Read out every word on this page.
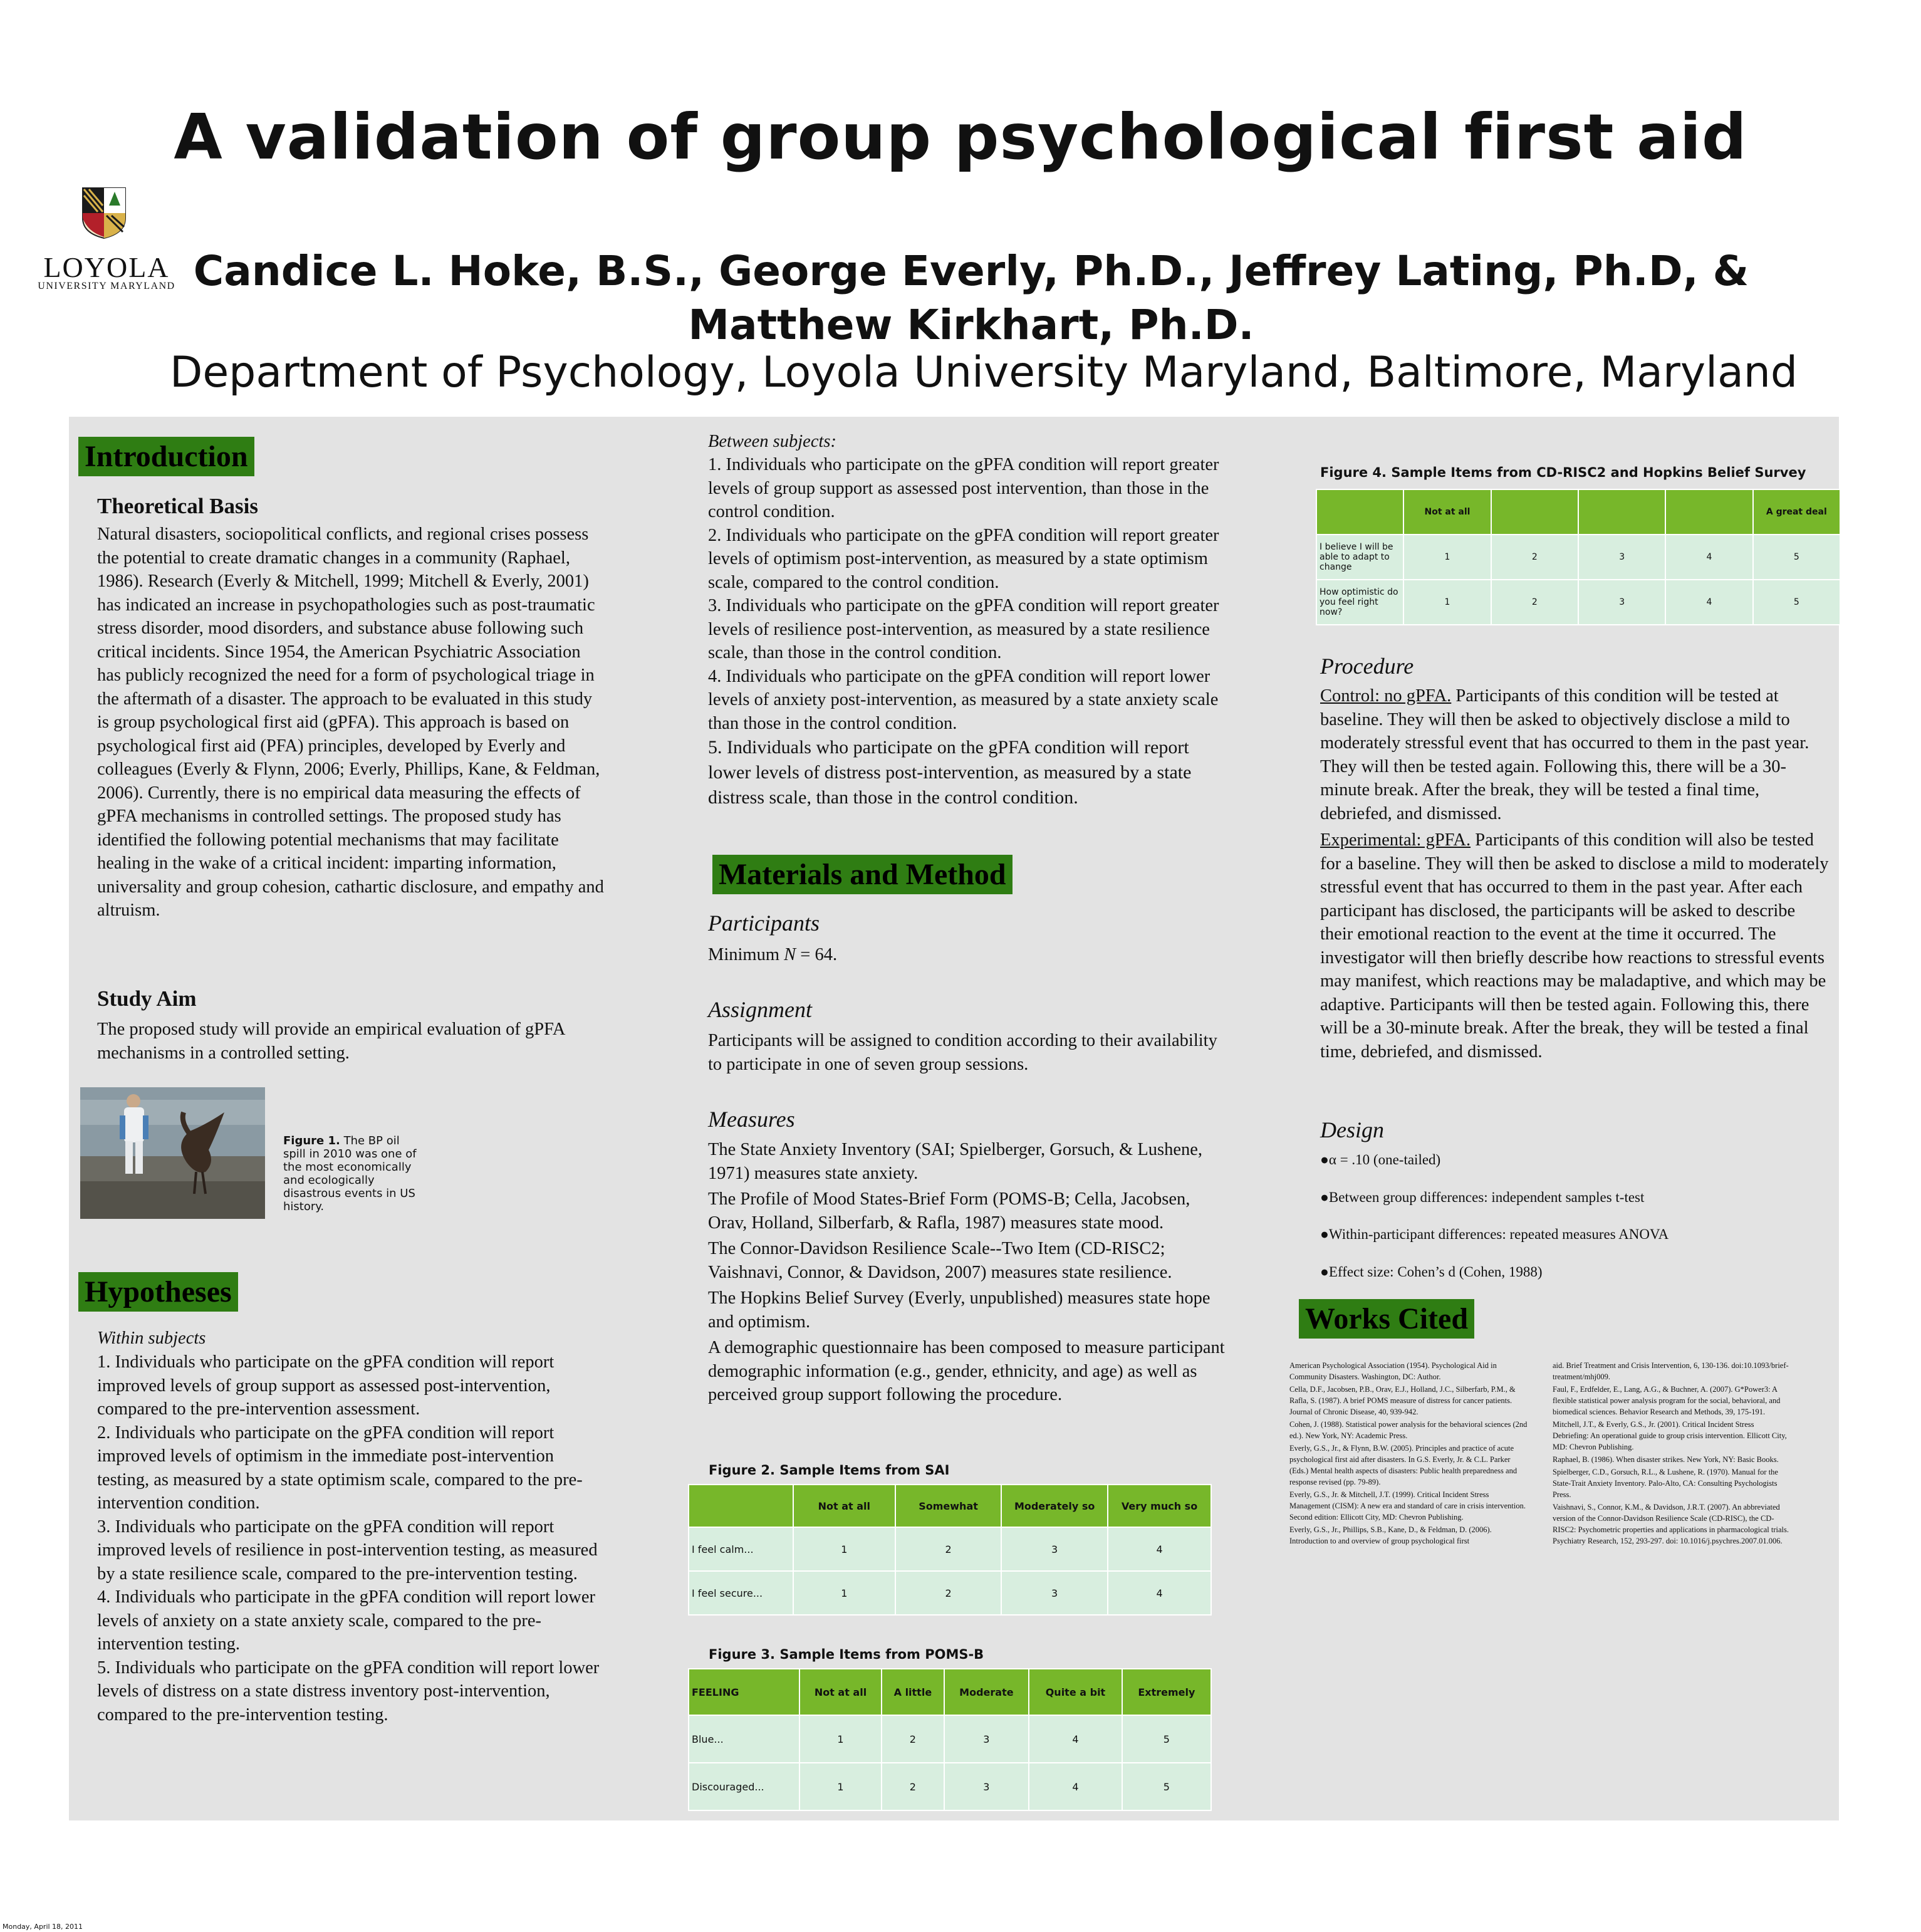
A validation of group psychological first aid
LOYOLA
UNIVERSITY MARYLAND Candice L. Hoke, B.S., George Everly, Ph.D., Jeffrey Lating, Ph.D, & Matthew Kirkhart, Ph.D.
Department of Psychology, Loyola University Maryland, Baltimore, Maryland
Introduction
Theoretical Basis
Natural disasters, sociopolitical conflicts, and regional crises possess the potential to create dramatic changes in a community (Raphael, 1986). Research (Everly & Mitchell, 1999; Mitchell & Everly, 2001) has indicated an increase in psychopathologies such as post-traumatic stress disorder, mood disorders, and substance abuse following such critical incidents. Since 1954, the American Psychiatric Association has publicly recognized the need for a form of psychological triage in the aftermath of a disaster. The approach to be evaluated in this study is group psychological first aid (gPFA). This approach is based on psychological first aid (PFA) principles, developed by Everly and colleagues (Everly & Flynn, 2006; Everly, Phillips, Kane, & Feldman, 2006). Currently, there is no empirical data measuring the effects of gPFA mechanisms in controlled settings. The proposed study has identified the following potential mechanisms that may facilitate healing in the wake of a critical incident: imparting information, universality and group cohesion, cathartic disclosure, and empathy and altruism.
Study Aim
The proposed study will provide an empirical evaluation of gPFA mechanisms in a controlled setting.
Figure 1. The BP oil spill in 2010 was one of the most economically and ecologically disastrous events in US history.
Hypotheses
Within subjects

1. Individuals who participate on the gPFA condition will report improved levels of group support as assessed post-intervention, compared to the pre-intervention assessment.

2. Individuals who participate on the gPFA condition will report improved levels of optimism in the immediate post-intervention testing, as measured by a state optimism scale, compared to the pre-intervention condition.

3. Individuals who participate on the gPFA condition will report improved levels of resilience in post-intervention testing, as measured by a state resilience scale, compared to the pre-intervention testing.

4. Individuals who participate in the gPFA condition will report lower levels of anxiety on a state anxiety scale, compared to the pre-intervention testing.

5. Individuals who participate on the gPFA condition will report lower levels of distress on a state distress inventory post-intervention, compared to the pre-intervention testing.

Between subjects:

1. Individuals who participate on the gPFA condition will report greater levels of group support as assessed post intervention, than those in the control condition.

2. Individuals who participate on the gPFA condition will report greater levels of optimism post-intervention, as measured by a state optimism scale, compared to the control condition.

3. Individuals who participate on the gPFA condition will report greater levels of resilience post-intervention, as measured by a state resilience scale, than those in the control condition.

4. Individuals who participate on the gPFA condition will report lower levels of anxiety post-intervention, as measured by a state anxiety scale than those in the control condition.

5. Individuals who participate on the gPFA condition will report lower levels of distress post-intervention, as measured by a state distress scale, than those in the control condition.

Materials and Method
Participants
Minimum N = 64.
Assignment
Participants will be assigned to condition according to their availability to participate in one of seven group sessions.
Measures

The State Anxiety Inventory (SAI; Spielberger, Gorsuch, & Lushene, 1971) measures state anxiety.

The Profile of Mood States-Brief Form (POMS-B; Cella, Jacobsen, Orav, Holland, Silberfarb, & Rafla, 1987) measures state mood.

The Connor-Davidson Resilience Scale--Two Item (CD-RISC2; Vaishnavi, Connor, & Davidson, 2007) measures state resilience.

The Hopkins Belief Survey (Everly, unpublished) measures state hope and optimism.

A demographic questionnaire has been composed to measure participant demographic information (e.g., gender, ethnicity, and age) as well as perceived group support following the procedure.

Figure 2. Sample Items from SAI
	Not at all	Somewhat	Moderately so	Very much so
I feel calm...	1	2	3	4
I feel secure...	1	2	3	4
Figure 3. Sample Items from POMS-B
FEELING	Not at all	A little	Moderate	Quite a bit	Extremely
Blue...	1	2	3	4	5
Discouraged...	1	2	3	4	5
Figure 4. Sample Items from CD-RISC2 and Hopkins Belief Survey
	Not at all				A great deal
I believe I will be able to adapt to change	1	2	3	4	5
How optimistic do you feel right now?	1	2	3	4	5
Procedure
Control: no gPFA. Participants of this condition will be tested at baseline. They will then be asked to objectively disclose a mild to moderately stressful event that has occurred to them in the past year. They will then be tested again. Following this, there will be a 30-minute break. After the break, they will be tested a final time, debriefed, and dismissed.
Experimental: gPFA. Participants of this condition will also be tested for a baseline. They will then be asked to disclose a mild to moderately stressful event that has occurred to them in the past year. After each participant has disclosed, the participants will be asked to describe their emotional reaction to the event at the time it occurred. The investigator will then briefly describe how reactions to stressful events may manifest, which reactions may be maladaptive, and which may be adaptive. Participants will then be tested again. Following this, there will be a 30-minute break. After the break, they will be tested a final time, debriefed, and dismissed.
Design

●α = .10 (one-tailed)

●Between group differences: independent samples t-test

●Within-participant differences: repeated measures ANOVA

●Effect size: Cohen’s d (Cohen, 1988)

Works Cited

American Psychological Association (1954). Psychological Aid in Community Disasters. Washington, DC: Author.

Cella, D.F., Jacobsen, P.B., Orav, E.J., Holland, J.C., Silberfarb, P.M., & Rafla, S. (1987). A brief POMS measure of distress for cancer patients. Journal of Chronic Disease, 40, 939-942.

Cohen, J. (1988). Statistical power analysis for the behavioral sciences (2nd ed.). New York, NY: Academic Press.

Everly, G.S., Jr., & Flynn, B.W. (2005). Principles and practice of acute psychological first aid after disasters. In G.S. Everly, Jr. & C.L. Parker (Eds.) Mental health aspects of disasters: Public health preparedness and response revised (pp. 79-89).

Everly, G.S., Jr. & Mitchell, J.T. (1999). Critical Incident Stress Management (CISM): A new era and standard of care in crisis intervention. Second edition: Ellicott City, MD: Chevron Publishing.

Everly, G.S., Jr., Phillips, S.B., Kane, D., & Feldman, D. (2006). Introduction to and overview of group psychological first

aid. Brief Treatment and Crisis Intervention, 6, 130-136. doi:10.1093/brief-treatment/mhj009.

Faul, F., Erdfelder, E., Lang, A.G., & Buchner, A. (2007). G*Power3: A flexible statistical power analysis program for the social, behavioral, and biomedical sciences. Behavior Research and Methods, 39, 175-191.

Mitchell, J.T., & Everly, G.S., Jr. (2001). Critical Incident Stress Debriefing: An operational guide to group crisis intervention. Ellicott City, MD: Chevron Publishing.

Raphael, B. (1986). When disaster strikes. New York, NY: Basic Books.

Spielberger, C.D., Gorsuch, R.L., & Lushene, R. (1970). Manual for the State-Trait Anxiety Inventory. Palo-Alto, CA: Consulting Psychologists Press.

Vaishnavi, S., Connor, K.M., & Davidson, J.R.T. (2007). An abbreviated version of the Connor-Davidson Resilience Scale (CD-RISC), the CD-RISC2: Psychometric properties and applications in pharmacological trials. Psychiatry Research, 152, 293-297. doi: 10.1016/j.psychres.2007.01.006.

Monday, April 18, 2011
